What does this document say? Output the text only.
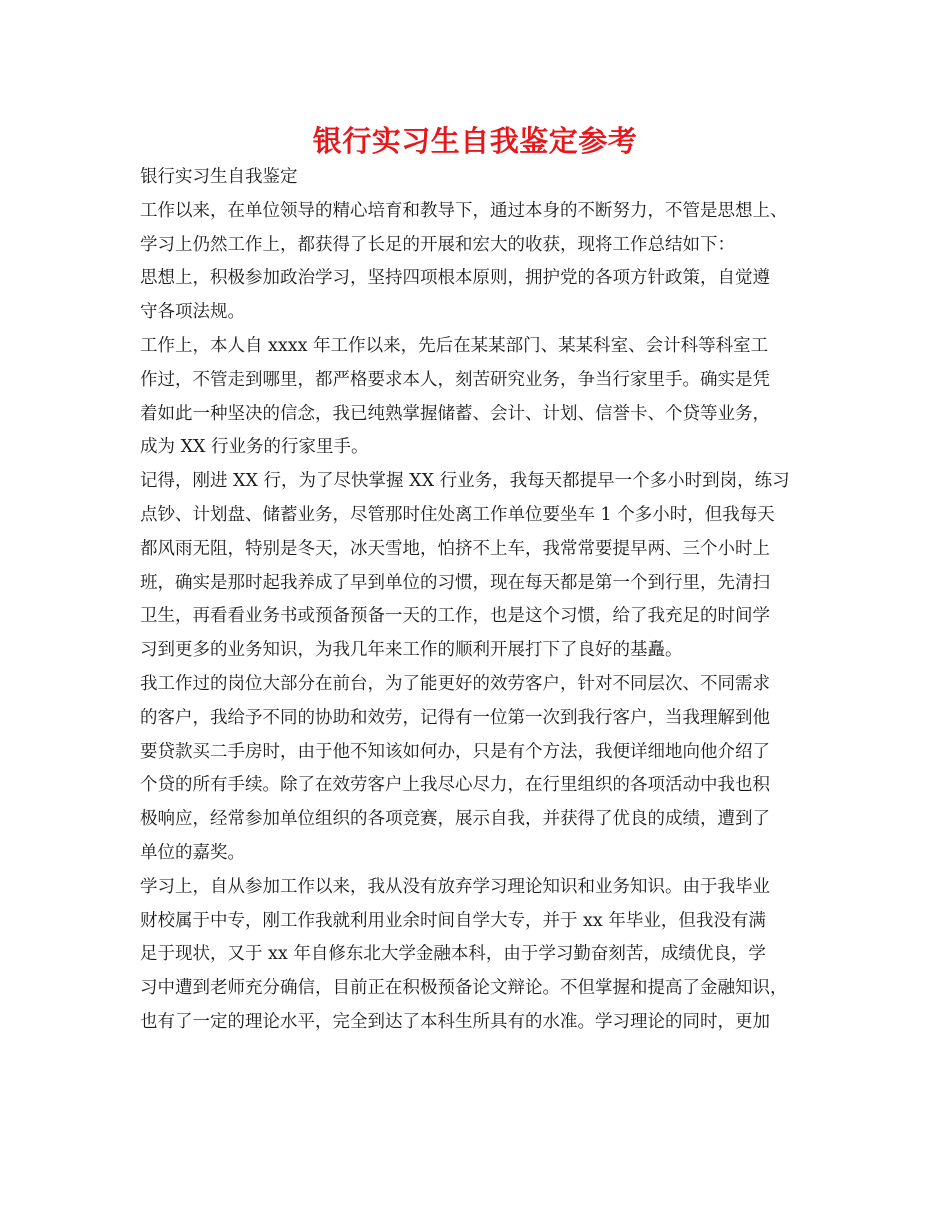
银行实习生自我鉴定参考
银行实习生自我鉴定
工作以来，在单位领导的精心培育和教导下，通过本身的不断努力，不管是思想上、
学习上仍然工作上，都获得了长足的开展和宏大的收获，现将工作总结如下：
思想上，积极参加政治学习，坚持四项根本原则，拥护党的各项方针政策，自觉遵
守各项法规。
工作上，本人自 xxxx 年工作以来，先后在某某部门、某某科室、会计科等科室工
作过，不管走到哪里，都严格要求本人，刻苦研究业务，争当行家里手。确实是凭
着如此一种坚决的信念，我已纯熟掌握储蓄、会计、计划、信誉卡、个贷等业务，
成为 XX 行业务的行家里手。
记得，刚进 XX 行，为了尽快掌握 XX 行业务，我每天都提早一个多小时到岗，练习
点钞、计划盘、储蓄业务，尽管那时住处离工作单位要坐车 1 个多小时，但我每天
都风雨无阻，特别是冬天，冰天雪地，怕挤不上车，我常常要提早两、三个小时上
班，确实是那时起我养成了早到单位的习惯，现在每天都是第一个到行里，先清扫
卫生，再看看业务书或预备预备一天的工作，也是这个习惯，给了我充足的时间学
习到更多的业务知识，为我几年来工作的顺利开展打下了良好的基矗。
我工作过的岗位大部分在前台，为了能更好的效劳客户，针对不同层次、不同需求
的客户，我给予不同的协助和效劳，记得有一位第一次到我行客户，当我理解到他
要贷款买二手房时，由于他不知该如何办，只是有个方法，我便详细地向他介绍了
个贷的所有手续。除了在效劳客户上我尽心尽力，在行里组织的各项活动中我也积
极响应，经常参加单位组织的各项竞赛，展示自我，并获得了优良的成绩，遭到了
单位的嘉奖。
学习上，自从参加工作以来，我从没有放弃学习理论知识和业务知识。由于我毕业
财校属于中专，刚工作我就利用业余时间自学大专，并于 xx 年毕业，但我没有满
足于现状，又于 xx 年自修东北大学金融本科，由于学习勤奋刻苦，成绩优良，学
习中遭到老师充分确信，目前正在积极预备论文辩论。不但掌握和提高了金融知识，
也有了一定的理论水平，完全到达了本科生所具有的水准。学习理论的同时，更加
